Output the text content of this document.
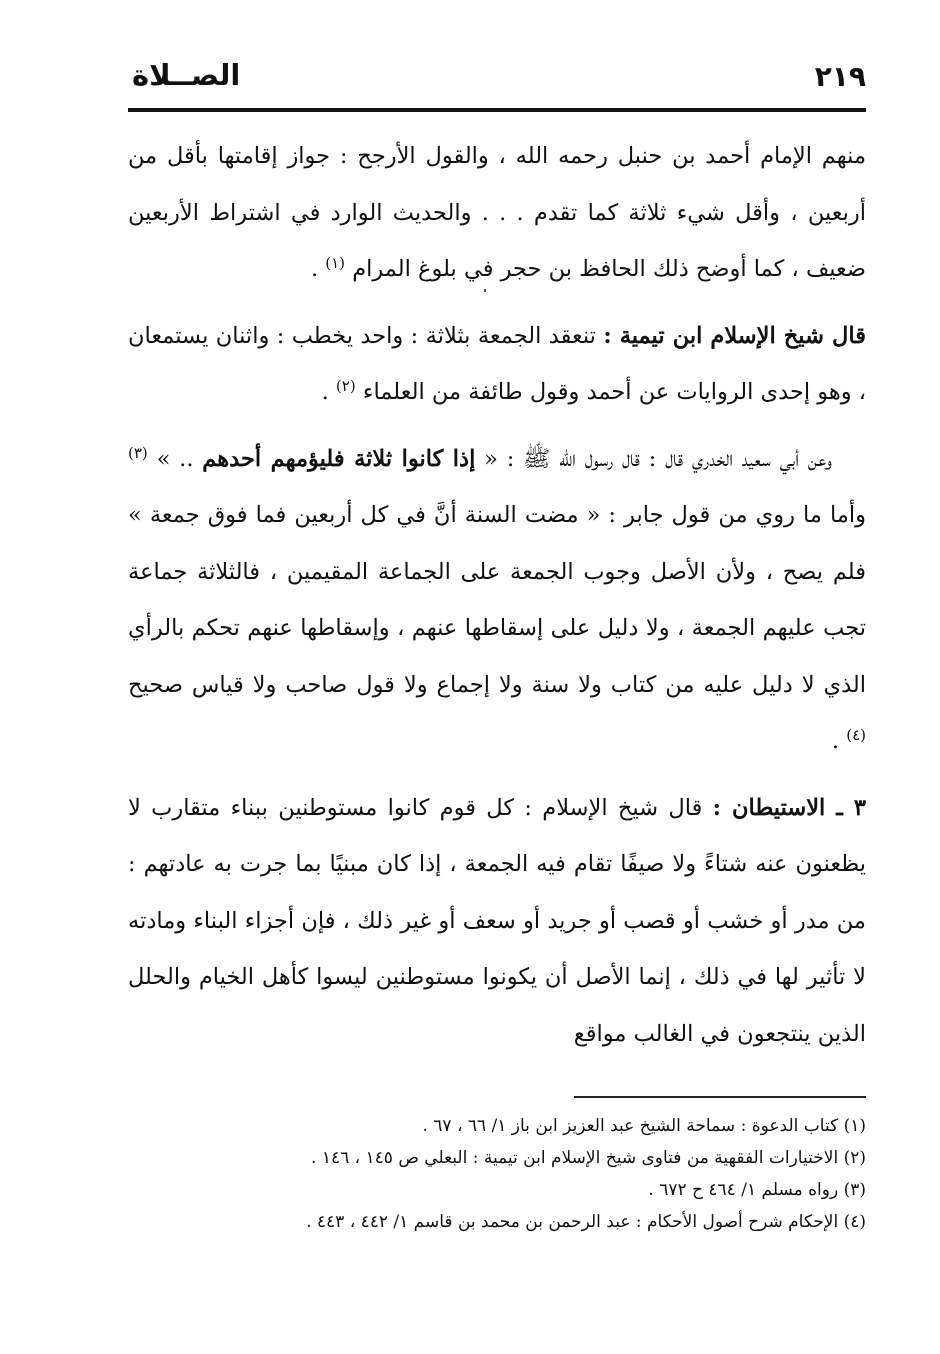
٢١٩
الصــلاة

منهم الإمام أحمد بن حنبل رحمه الله ، والقول الأرجح : جواز إقامتها بأقل من أربعين ، وأقل شيء ثلاثة كما تقدم . . . والحديث الوارد في اشتراط الأربعين ضعيف ، كما أوضح ذلك الحافظ بن حجر في بلوغ المرام $^{(١)}$ .

قال شيخ الإسلام ابن تيمية : تنعقد الجمعة بثلاثة : واحد يخطب : واثنان يستمعان ، وهو إحدى الروايات عن أحمد وقول طائفة من العلماء $^{(٢)}$ .

وعن أبي سعيد الخدري قال : قال رسول الله ﷺ : « إذا كانوا ثلاثة فليؤمهم أحدهم .. » $^{(٣)}$ وأما ما روي من قول جابر : « مضت السنة أنَّ في كل أربعين فما فوق جمعة » فلم يصح ، ولأن الأصل وجوب الجمعة على الجماعة المقيمين ، فالثلاثة جماعة تجب عليهم الجمعة ، ولا دليل على إسقاطها عنهم ، وإسقاطها عنهم تحكم بالرأي الذي لا دليل عليه من كتاب ولا سنة ولا إجماع ولا قول صاحب ولا قياس صحيح $^{(٤)}$ .

٣ ـ الاستيطان : قال شيخ الإسلام : كل قوم كانوا مستوطنين ببناء متقارب لا يظعنون عنه شتاءً ولا صيفًا تقام فيه الجمعة ، إذا كان مبنيًا بما جرت به عادتهم : من مدر أو خشب أو قصب أو جريد أو سعف أو غير ذلك ، فإن أجزاء البناء ومادته لا تأثير لها في ذلك ، إنما الأصل أن يكونوا مستوطنين ليسوا كأهل الخيام والحلل الذين ينتجعون في الغالب مواقع

(١) كتاب الدعوة : سماحة الشيخ عبد العزيز ابن باز ١/ ٦٦ ، ٦٧ .

(٢) الاختيارات الفقهية من فتاوى شيخ الإسلام ابن تيمية : البعلي ص ١٤٥ ، ١٤٦ .

(٣) رواه مسلم ١/ ٤٦٤ ح ٦٧٢ .

(٤) الإحكام شرح أصول الأحكام : عبد الرحمن بن محمد بن قاسم ١/ ٤٤٢ ، ٤٤٣ .
